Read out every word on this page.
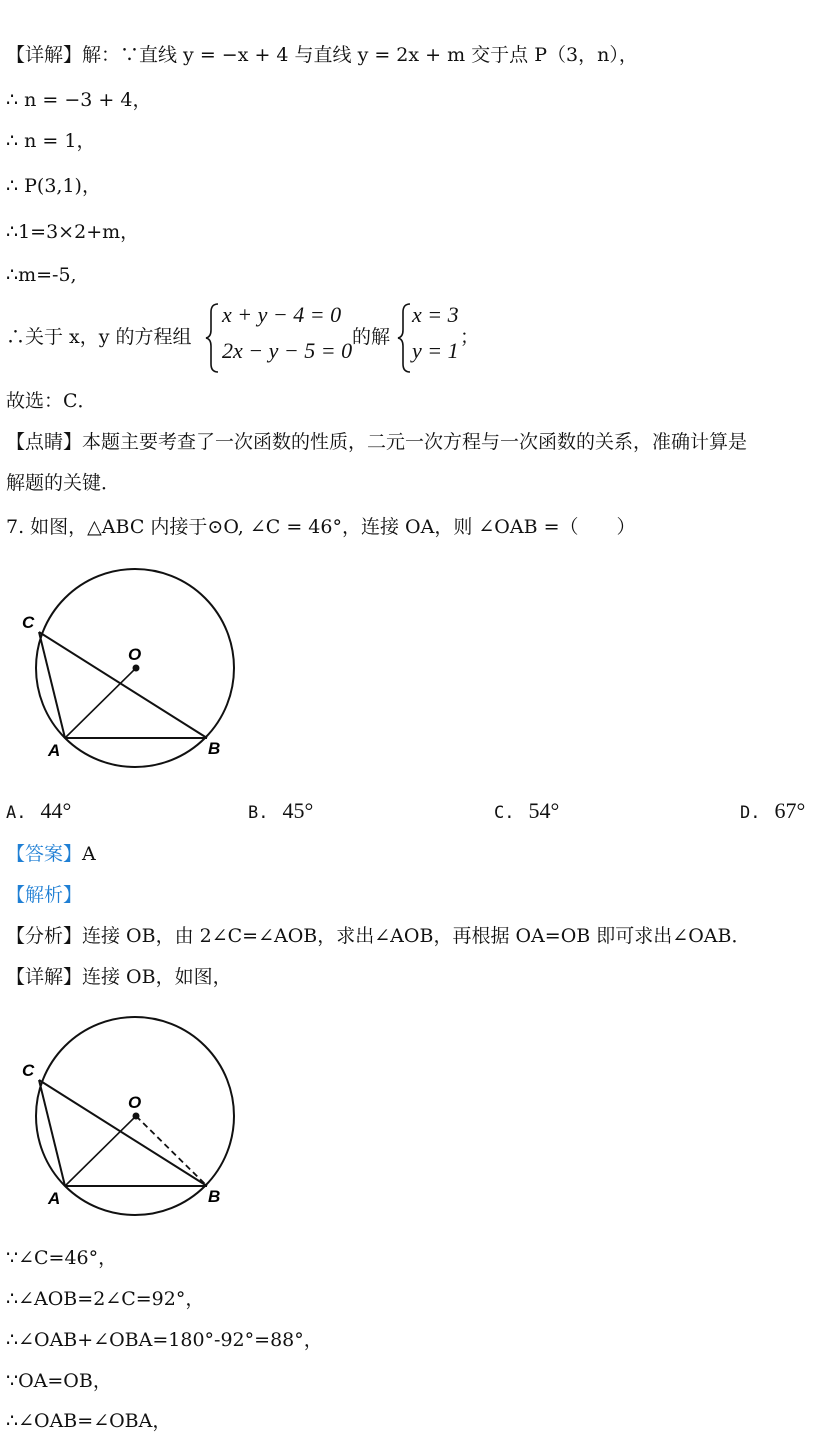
【详解】解：∵直线 y = −x + 4 与直线 y = 2x + m 交于点 P（3，n），
∴ n = −3 + 4，
∴ n = 1，
∴ P(3,1)，
∴1=3×2+m，
∴m=-5,
∴关于 x，y 的方程组
x + y − 4 = 0
2x − y − 5 = 0
的解
x = 3
y = 1
；
故选：C．
【点睛】本题主要考查了一次函数的性质，二元一次方程与一次函数的关系，准确计算是
解题的关键．
7. 如图，△ABC 内接于⊙O, ∠C = 46°，连接 OA，则 ∠OAB =（　　）
C
O
A	B
A. 44°	B. 45°	C. 54°	D. 67°
【答案】A
【解析】
【分析】连接 OB，由 2∠C=∠AOB，求出∠AOB，再根据 OA=OB 即可求出∠OAB．
【详解】连接 OB，如图，
C
O
A	B
∵∠C=46°，
∴∠AOB=2∠C=92°，
∴∠OAB+∠OBA=180°-92°=88°，
∵OA=OB，
∴∠OAB=∠OBA，
